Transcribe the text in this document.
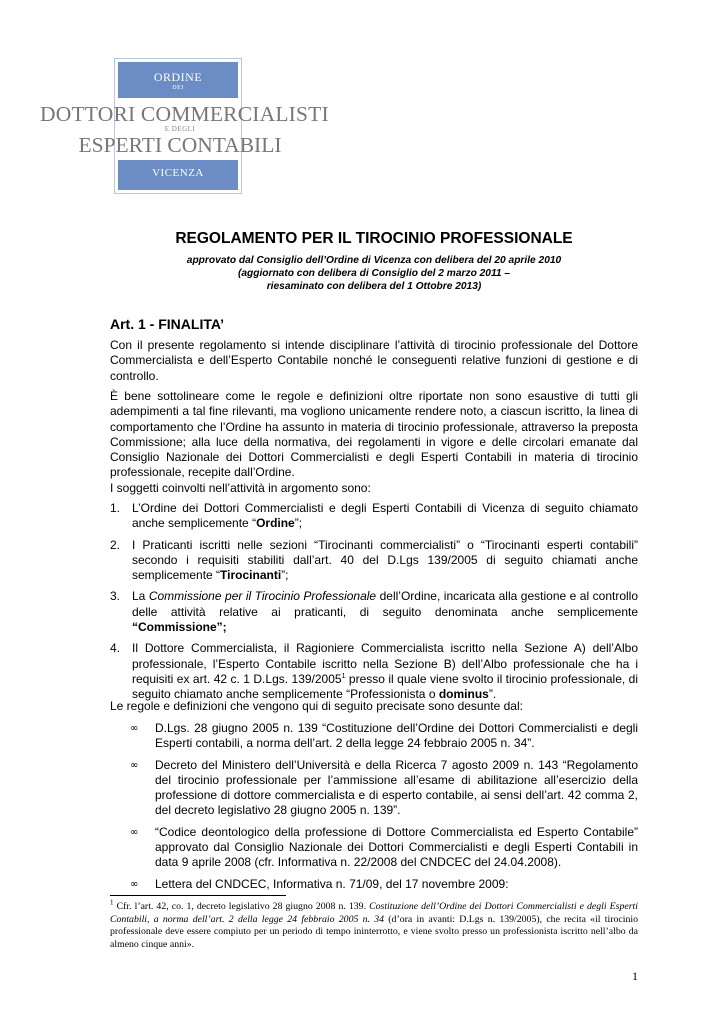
ORDINE
DEI
DOTTORI COMMERCIALISTI
E DEGLI
ESPERTI CONTABILI
VICENZA
REGOLAMENTO PER IL TIROCINIO PROFESSIONALE
approvato dal Consiglio dell’Ordine di Vicenza con delibera del 20 aprile 2010
(aggiornato con delibera di Consiglio del 2 marzo 2011 –
riesaminato con delibera del 1 Ottobre 2013)
Art. 1 - FINALITA’
Con il presente regolamento si intende disciplinare l’attività di tirocinio professionale del Dottore Commercialista e dell’Esperto Contabile nonché le conseguenti relative funzioni di gestione e di controllo.
È bene sottolineare come le regole e definizioni oltre riportate non sono esaustive di tutti gli adempimenti a tal fine rilevanti, ma vogliono unicamente rendere noto, a ciascun iscritto, la linea di comportamento che l’Ordine ha assunto in materia di tirocinio professionale, attraverso la preposta Commissione; alla luce della normativa, dei regolamenti in vigore e delle circolari emanate dal Consiglio Nazionale dei Dottori Commercialisti e degli Esperti Contabili in materia di tirocinio professionale, recepite dall’Ordine.
I soggetti coinvolti nell’attività in argomento sono:
1. L’Ordine dei Dottori Commercialisti e degli Esperti Contabili di Vicenza di seguito chiamato anche semplicemente “Ordine”;
2. I Praticanti iscritti nelle sezioni “Tirocinanti commercialisti” o “Tirocinanti esperti contabili” secondo i requisiti stabiliti dall’art. 40 del D.Lgs 139/2005 di seguito chiamati anche semplicemente “Tirocinanti”;
3. La Commissione per il Tirocinio Professionale dell’Ordine, incaricata alla gestione e al controllo delle attività relative ai praticanti, di seguito denominata anche semplicemente “Commissione”;
4. Il Dottore Commercialista, il Ragioniere Commercialista iscritto nella Sezione A) dell’Albo professionale, l’Esperto Contabile iscritto nella Sezione B) dell’Albo professionale che ha i requisiti ex art. 42 c. 1 D.Lgs. 139/2005$^1$ presso il quale viene svolto il tirocinio professionale, di seguito chiamato anche semplicemente “Professionista o dominus”.
Le regole e definizioni che vengono qui di seguito precisate sono desunte dal:
∞ D.Lgs. 28 giugno 2005 n. 139 “Costituzione dell’Ordine dei Dottori Commercialisti e degli Esperti contabili, a norma dell’art. 2 della legge 24 febbraio 2005 n. 34”.
∞ Decreto del Ministero dell’Università e della Ricerca 7 agosto 2009 n. 143 “Regolamento del tirocinio professionale per l’ammissione all’esame di abilitazione all’esercizio della professione di dottore commercialista e di esperto contabile, ai sensi dell’art. 42 comma 2, del decreto legislativo 28 giugno 2005 n. 139”.
∞ “Codice deontologico della professione di Dottore Commercialista ed Esperto Contabile” approvato dal Consiglio Nazionale dei Dottori Commercialisti e degli Esperti Contabili in data 9 aprile 2008 (cfr. Informativa n. 22/2008 del CNDCEC del 24.04.2008).
∞ Lettera del CNDCEC, Informativa n. 71/09, del 17 novembre 2009:
$^1$ Cfr. l’art. 42, co. 1, decreto legislativo 28 giugno 2008 n. 139. Costituzione dell’Ordine dei Dottori Commercialisti e degli Esperti Contabili, a norma dell’art. 2 della legge 24 febbraio 2005 n. 34 (d’ora in avanti: D.Lgs n. 139/2005), che recita «il tirocinio professionale deve essere compiuto per un periodo di tempo ininterrotto, e viene svolto presso un professionista iscritto nell’albo da almeno cinque anni».
1
